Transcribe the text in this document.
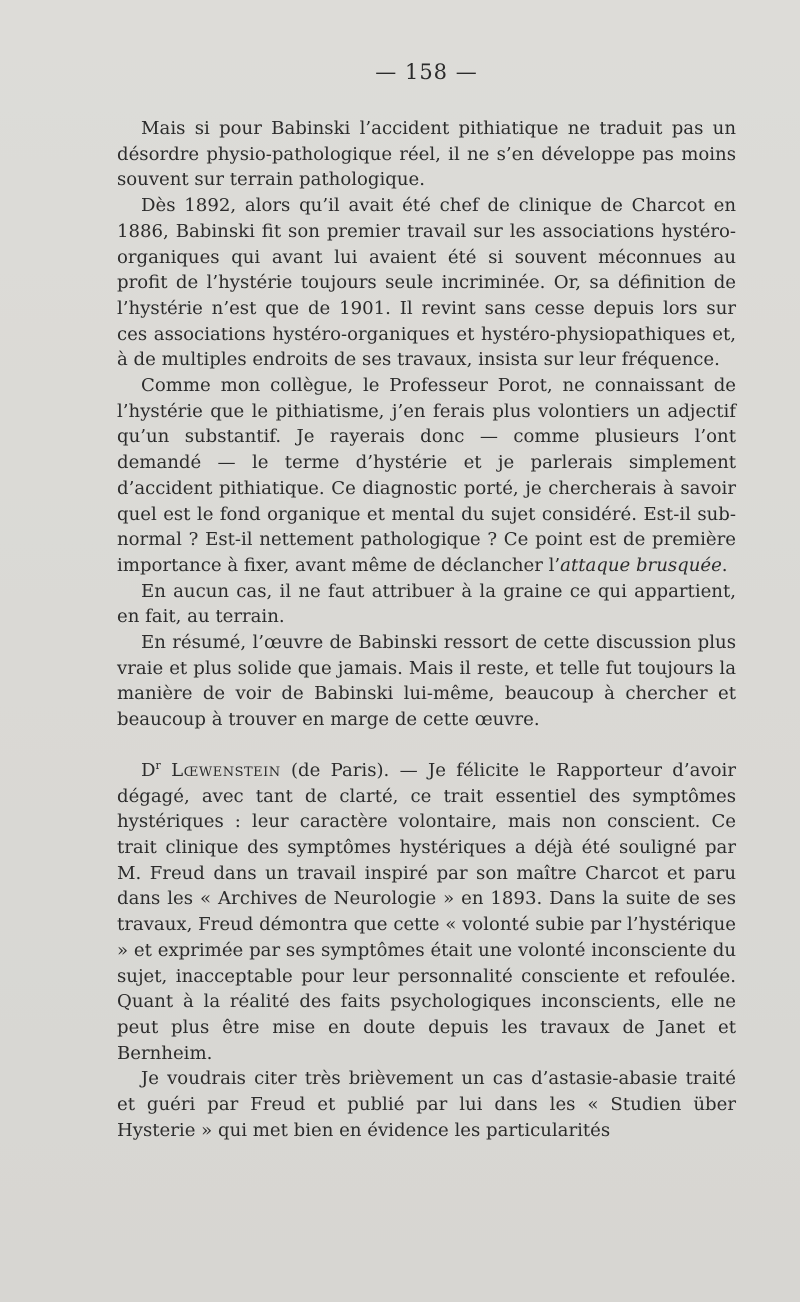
— 158 —

Mais si pour Babinski l’accident pithiatique ne traduit pas un désordre physio-pathologique réel, il ne s’en développe pas moins souvent sur terrain pathologique.

Dès 1892, alors qu’il avait été chef de clinique de Charcot en 1886, Babinski fit son premier travail sur les associations hystéro-organiques qui avant lui avaient été si souvent méconnues au profit de l’hystérie toujours seule incriminée. Or, sa définition de l’hystérie n’est que de 1901. Il revint sans cesse depuis lors sur ces associations hystéro-organiques et hystéro-physiopathiques et, à de multiples endroits de ses travaux, insista sur leur fréquence.

Comme mon collègue, le Professeur Porot, ne connaissant de l’hystérie que le pithiatisme, j’en ferais plus volontiers un adjectif qu’un substantif. Je rayerais donc — comme plusieurs l’ont demandé — le terme d’hystérie et je parlerais simplement d’accident pithiatique. Ce diagnostic porté, je chercherais à savoir quel est le fond organique et mental du sujet considéré. Est-il sub-normal ? Est-il nettement pathologique ? Ce point est de première importance à fixer, avant même de déclancher l’attaque brusquée.

En aucun cas, il ne faut attribuer à la graine ce qui appartient, en fait, au terrain.

En résumé, l’œuvre de Babinski ressort de cette discussion plus vraie et plus solide que jamais. Mais il reste, et telle fut toujours la manière de voir de Babinski lui-même, beaucoup à chercher et beaucoup à trouver en marge de cette œuvre.

$D^r$ Lœwenstein (de Paris). — Je félicite le Rapporteur d’avoir dégagé, avec tant de clarté, ce trait essentiel des symptômes hystériques : leur caractère volontaire, mais non conscient. Ce trait clinique des symptômes hystériques a déjà été souligné par M. Freud dans un travail inspiré par son maître Charcot et paru dans les « Archives de Neurologie » en 1893. Dans la suite de ses travaux, Freud démontra que cette « volonté subie par l’hystérique » et exprimée par ses symptômes était une volonté inconsciente du sujet, inacceptable pour leur personnalité consciente et refoulée. Quant à la réalité des faits psychologiques inconscients, elle ne peut plus être mise en doute depuis les travaux de Janet et Bernheim.

Je voudrais citer très brièvement un cas d’astasie-abasie traité et guéri par Freud et publié par lui dans les « Studien über Hysterie » qui met bien en évidence les particularités
